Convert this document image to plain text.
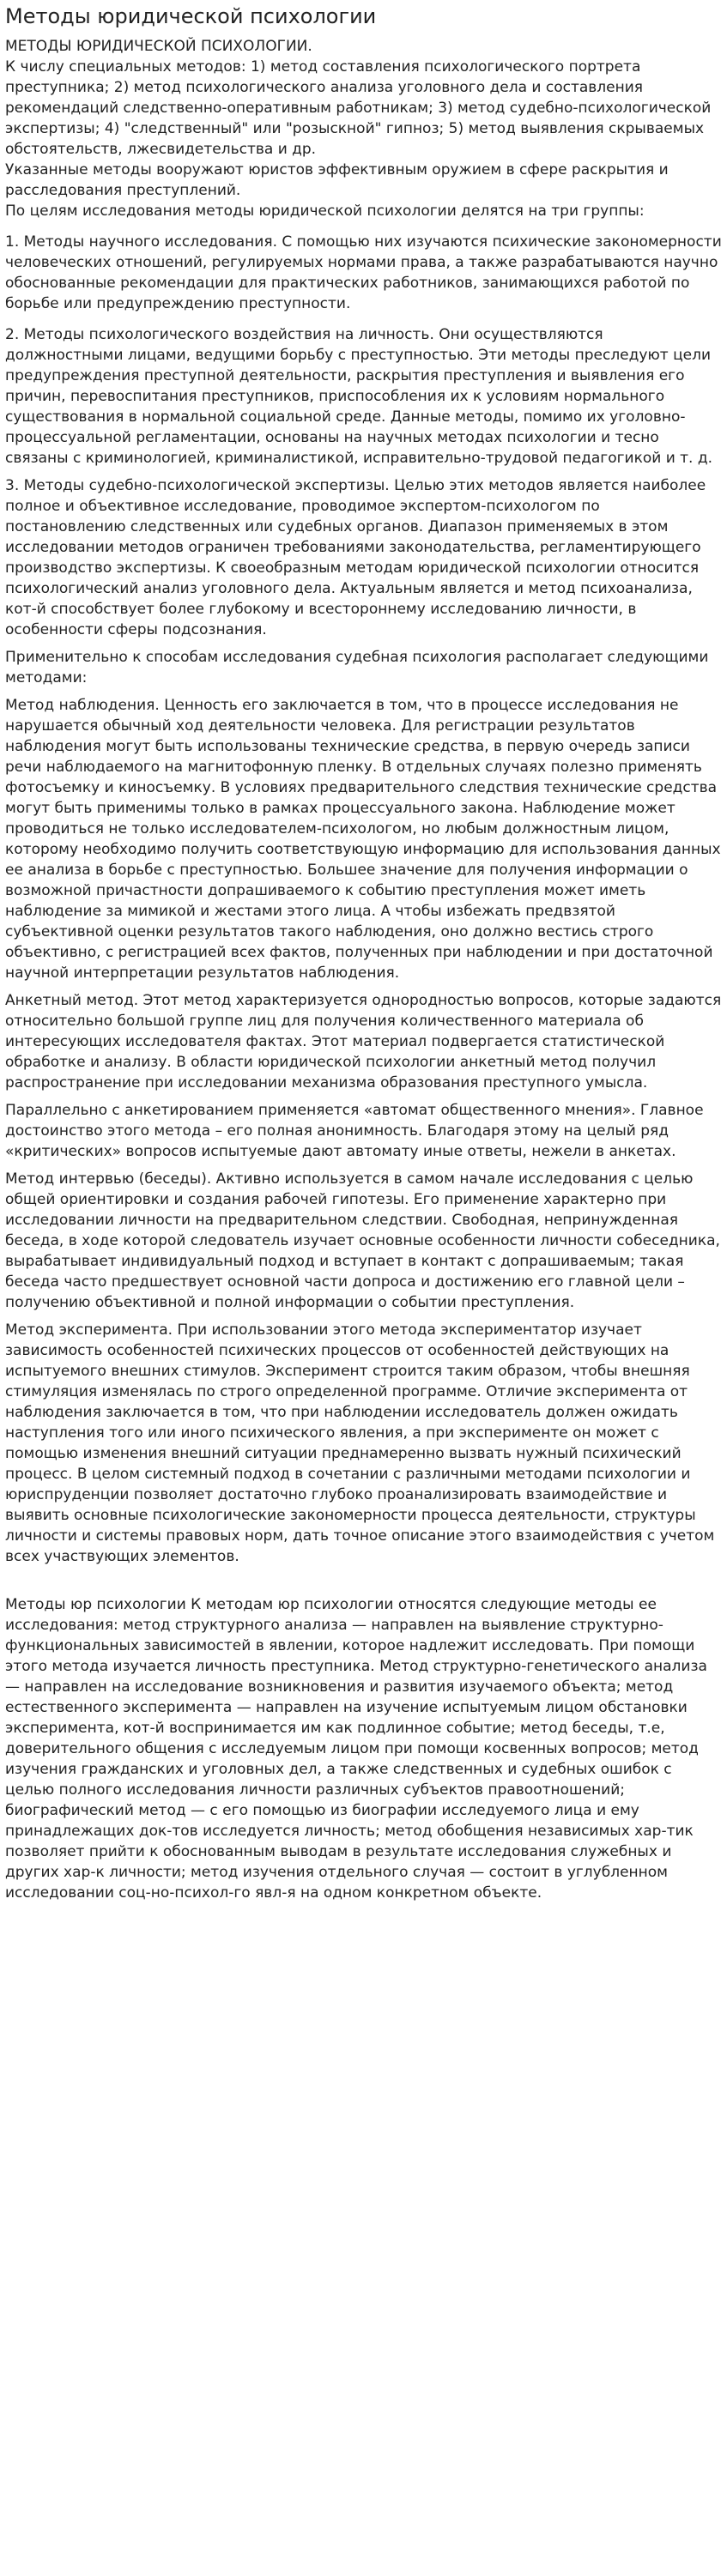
Методы юридической психологии
МЕТОДЫ ЮРИДИЧЕСКОЙ ПСИХОЛОГИИ.
К числу специальных методов: 1) метод составления психологического портрета преступника; 2) метод психологического анализа уголовного дела и составления рекомендаций следственно-оперативным работникам; 3) метод судебно-психологической экспертизы; 4) "следственный" или "розыскной" гипноз; 5) метод выявления скрываемых обстоятельств, лжесвидетельства и др.
Указанные методы вооружают юристов эффективным оружием в сфере раскрытия и расследования преступлений.
По целям исследования методы юридической психологии делятся на три группы:
1. Методы научного исследования. С помощью них изучаются психические закономерности человеческих отношений, регулируемых нормами права, а также разрабатываются научно обоснованные рекомендации для практических работников, занимающихся работой по борьбе или предупреждению преступности.
2. Методы психологического воздействия на личность. Они осуществляются должностными лицами, ведущими борьбу с преступностью. Эти методы преследуют цели предупреждения преступной деятельности, раскрытия преступления и выявления его причин, перевоспитания преступников, приспособления их к условиям нормального существования в нормальной социальной среде. Данные методы, помимо их уголовно-процессуальной регламентации, основаны на научных методах психологии и тесно связаны с криминологией, криминалистикой, исправительно-трудовой педагогикой и т. д.
3. Методы судебно-психологической экспертизы. Целью этих методов является наиболее полное и объективное исследование, проводимое экспертом-психологом по постановлению следственных или судебных органов. Диапазон применяемых в этом исследовании методов ограничен требованиями законодательства, регламентирующего производство экспертизы. К своеобразным методам юридической психологии относится психологический анализ уголовного дела. Актуальным является и метод психоанализа, кот-й способствует более глубокому и всестороннему исследованию личности, в особенности сферы подсознания.
Применительно к способам исследования судебная психология располагает следующими методами:
Метод наблюдения. Ценность его заключается в том, что в процессе исследования не нарушается обычный ход деятельности человека. Для регистрации результатов наблюдения могут быть использованы технические средства, в первую очередь записи речи наблюдаемого на магнитофонную пленку. В отдельных случаях полезно применять фотосъемку и киносъемку. В условиях предварительного следствия технические средства могут быть применимы только в рамках процессуального закона. Наблюдение может проводиться не только исследователем-психологом, но любым должностным лицом, которому необходимо получить соответствующую информацию для использования данных ее анализа в борьбе с преступностью. Большее значение для получения информации о возможной причастности допрашиваемого к событию преступления может иметь наблюдение за мимикой и жестами этого лица. А чтобы избежать предвзятой субъективной оценки результатов такого наблюдения, оно должно вестись строго объективно, с регистрацией всех фактов, полученных при наблюдении и при достаточной научной интерпретации результатов наблюдения.
Анкетный метод. Этот метод характеризуется однородностью вопросов, которые задаются относительно большой группе лиц для получения количественного материала об интересующих исследователя фактах. Этот материал подвергается статистической обработке и анализу. В области юридической психологии анкетный метод получил распространение при исследовании механизма образования преступного умысла.
Параллельно с анкетированием применяется «автомат общественного мнения». Главное достоинство этого метода – его полная анонимность. Благодаря этому на целый ряд «критических» вопросов испытуемые дают автомату иные ответы, нежели в анкетах.
Метод интервью (беседы). Активно используется в самом начале исследования с целью общей ориентировки и создания рабочей гипотезы. Его применение характерно при исследовании личности на предварительном следствии. Свободная, непринужденная беседа, в ходе которой следователь изучает основные особенности личности собеседника, вырабатывает индивидуальный подход и вступает в контакт с допрашиваемым; такая беседа часто предшествует основной части допроса и достижению его главной цели – получению объективной и полной информации о событии преступления.
Метод эксперимента. При использовании этого метода экспериментатор изучает зависимость особенностей психических процессов от особенностей действующих на испытуемого внешних стимулов. Эксперимент строится таким образом, чтобы внешняя стимуляция изменялась по строго определенной программе. Отличие эксперимента от наблюдения заключается в том, что при наблюдении исследователь должен ожидать наступления того или иного психического явления, а при эксперименте он может с помощью изменения внешний ситуации преднамеренно вызвать нужный психический процесс. В целом системный подход в сочетании с различными методами психологии и юриспруденции позволяет достаточно глубоко проанализировать взаимодействие и выявить основные психологические закономерности процесса деятельности, структуры личности и системы правовых норм, дать точное описание этого взаимодействия с учетом всех участвующих элементов.

Методы юр психологии К методам юр психологии относятся следующие методы ее исследования: метод структурного анализа — направлен на выявление структурно-функциональных зависимостей в явлении, которое надлежит исследовать. При помощи этого метода изучается личность преступника. Метод структурно-генетического анализа — направлен на исследование возникновения и развития изучаемого объекта; метод естественного эксперимента — направлен на изучение испытуемым лицом обстановки эксперимента, кот-й воспринимается им как подлинное событие; метод беседы, т.е, доверительного общения с исследуемым лицом при помощи косвенных вопросов; метод изучения гражданских и уголовных дел, а также следственных и судебных ошибок с целью полного исследования личности различных субъектов правоотношений; биографический метод — с его помощью из биографии исследуемого лица и ему принадлежащих док-тов исследуется личность; метод обобщения независимых хар-тик позволяет прийти к обоснованным выводам в результате исследования служебных и других хар-к личности; метод изучения отдельного случая — состоит в углубленном исследовании соц-но-психол-го явл-я на одном конкретном объекте.
